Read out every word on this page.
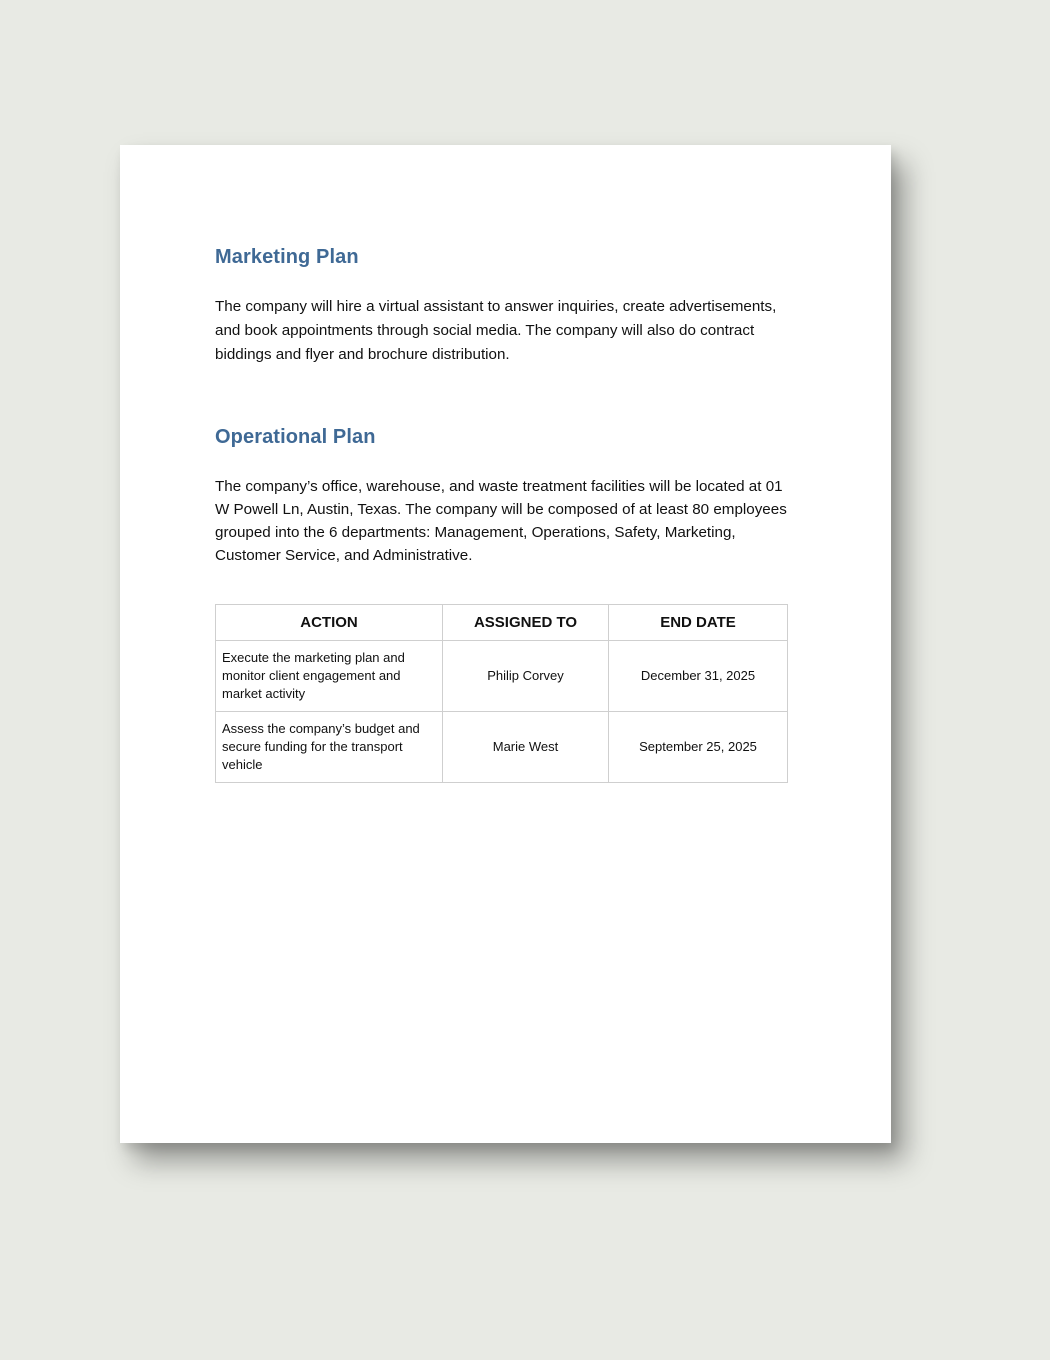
Marketing Plan

The company will hire a virtual assistant to answer inquiries, create advertisements, and book appointments through social media. The company will also do contract biddings and flyer and brochure distribution.

Operational Plan

The company’s office, warehouse, and waste treatment facilities will be located at 01 W Powell Ln, Austin, Texas. The company will be composed of at least 80 employees grouped into the 6 departments: Management, Operations, Safety, Marketing, Customer Service, and Administrative.

ACTION	ASSIGNED TO	END DATE
Execute the marketing plan and monitor client engagement and market activity	Philip Corvey	December 31, 2025
Assess the company’s budget and secure funding for the transport vehicle	Marie West	September 25, 2025
